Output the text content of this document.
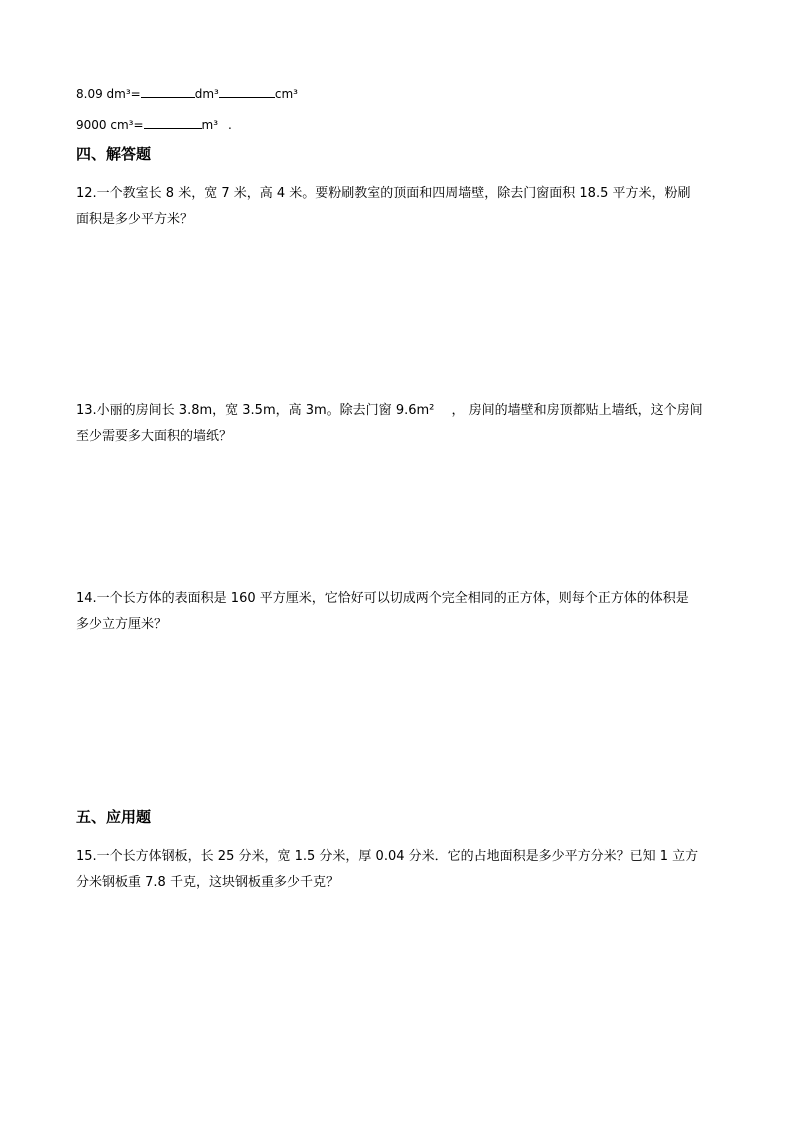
8.09 dm³=	dm³	cm³
9000 cm³=	m³ .
四、解答题
12.一个教室长 8 米，宽 7 米，高 4 米。要粉刷教室的顶面和四周墙壁，除去门窗面积 18.5 平方米，粉刷
面积是多少平方米？
13.小丽的房间长 3.8m，宽 3.5m，高 3m。除去门窗 9.6m²　 ， 房间的墙壁和房顶都贴上墙纸，这个房间
至少需要多大面积的墙纸？
14.一个长方体的表面积是 160 平方厘米，它恰好可以切成两个完全相同的正方体，则每个正方体的体积是
多少立方厘米？
五、应用题
15.一个长方体钢板，长 25 分米，宽 1.5 分米，厚 0.04 分米．它的占地面积是多少平方分米？已知 1 立方
分米钢板重 7.8 千克，这块钢板重多少千克？
